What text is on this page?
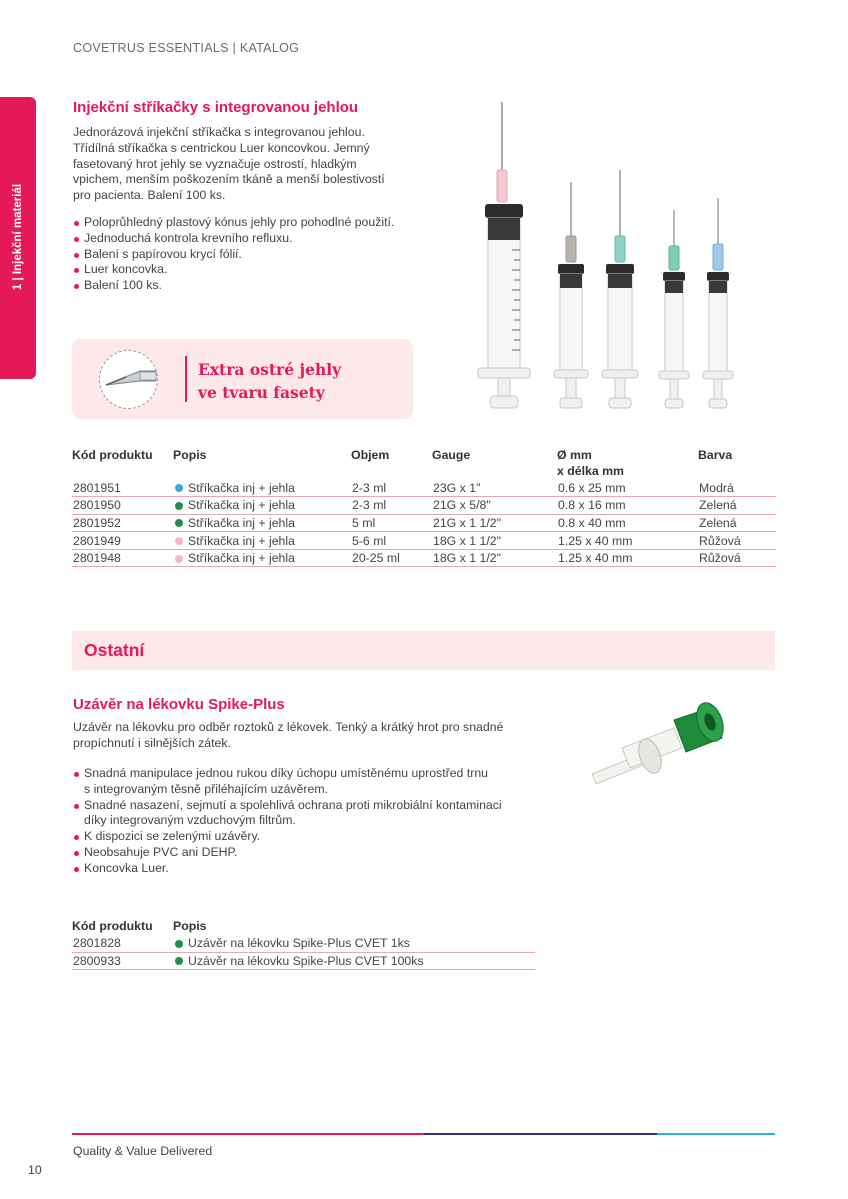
COVETRUS ESSENTIALS | KATALOG
1 | Injekční materiál
Injekční stříkačky s integrovanou jehlou
Jednorázová injekční stříkačka s integrovanou jehlou.
Třídílná stříkačka s centrickou Luer koncovkou. Jemný
fasetovaný hrot jehly se vyznačuje ostrostí, hladkým
vpichem, menším poškozením tkáně a menší bolestivostí
pro pacienta. Balení 100 ks.
Poloprůhledný plastový kónus jehly pro pohodlné použití.
Jednoduchá kontrola krevního refluxu.
Balení s papírovou krycí fólií.
Luer koncovka.
Balení 100 ks.
Extra ostré jehly
ve tvaru fasety
Kód produktu	Popis	Objem	Gauge	Ø mm
x délka mm	Barva
2801951	Stříkačka inj + jehla	2-3 ml	23G x 1"	0.6 x 25 mm	Modrá
2801950	Stříkačka inj + jehla	2-3 ml	21G x 5/8"	0.8 x 16 mm	Zelená
2801952	Stříkačka inj + jehla	5 ml	21G x 1 1/2"	0.8 x 40 mm	Zelená
2801949	Stříkačka inj + jehla	5-6 ml	18G x 1 1/2"	1.25 x 40 mm	Růžová
2801948	Stříkačka inj + jehla	20-25 ml	18G x 1 1/2"	1.25 x 40 mm	Růžová
Ostatní
Uzávěr na lékovku Spike-Plus
Uzávěr na lékovku pro odběr roztoků z lékovek. Tenký a krátký hrot pro snadné
propíchnutí i silnějších zátek.
Snadná manipulace jednou rukou díky úchopu umístěnému uprostřed trnu
s integrovaným těsně přiléhajícím uzávěrem.
Snadné nasazení, sejmutí a spolehlivá ochrana proti mikrobiální kontaminaci
díky integrovaným vzduchovým filtrům.
K dispozici se zelenými uzávěry.
Neobsahuje PVC ani DEHP.
Koncovka Luer.
Kód produktu	Popis
2801828	Uzávěr na lékovku Spike-Plus CVET 1ks
2800933	Uzávěr na lékovku Spike-Plus CVET 100ks
Quality & Value Delivered
10
